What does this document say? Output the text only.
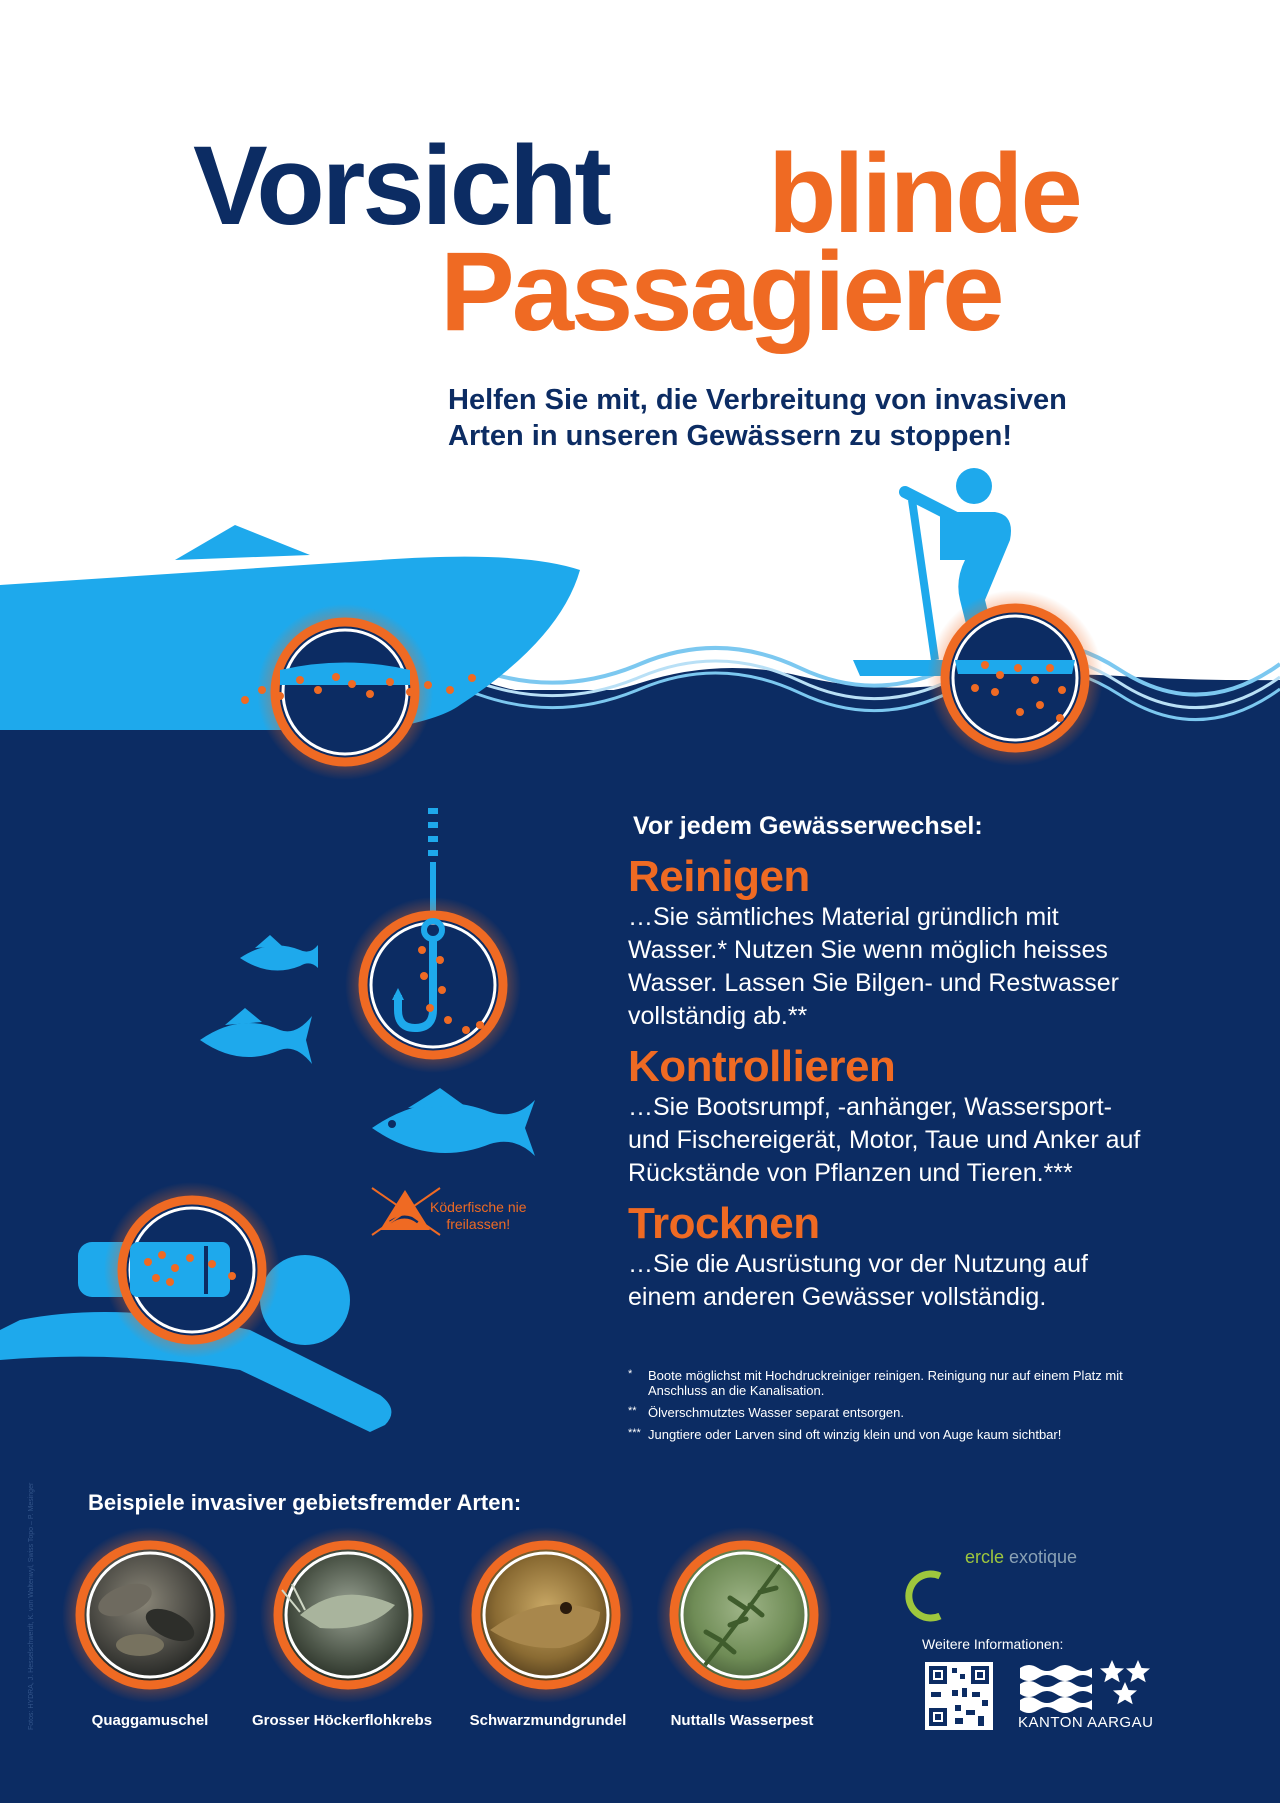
Vorsicht blinde
Passagiere
Helfen Sie mit, die Verbreitung von invasiven
Arten in unseren Gewässern zu stoppen!
Vor jedem Gewässerwechsel:
Reinigen
…Sie sämtliches Material gründlich mit
Wasser.* Nutzen Sie wenn möglich heisses
Wasser. Lassen Sie Bilgen- und Restwasser
vollständig ab.**
Kontrollieren
…Sie Bootsrumpf, -anhänger, Wassersport-
und Fischereigerät, Motor, Taue und Anker auf
Rückstände von Pflanzen und Tieren.***
Trocknen
…Sie die Ausrüstung vor der Nutzung auf
einem anderen Gewässer vollständig.
* Boote möglichst mit Hochdruckreiniger reinigen. Reinigung nur auf einem Platz mit
Anschluss an die Kanalisation.
** Ölverschmutztes Wasser separat entsorgen.
*** Jungtiere oder Larven sind oft winzig klein und von Auge kaum sichtbar!
Köderfische nie
freilassen!
Beispiele invasiver gebietsfremder Arten:
Quaggamuschel	Grosser Höckerflohkrebs	Schwarzmundgrundel	Nuttalls Wasserpest
ercle exotique
Weitere Informationen:
KANTON AARGAU
Fotos: HYDRA, J. Hesselschwerdt, K. von Waltenwyl, Swiss Topo – P. Mesinger
